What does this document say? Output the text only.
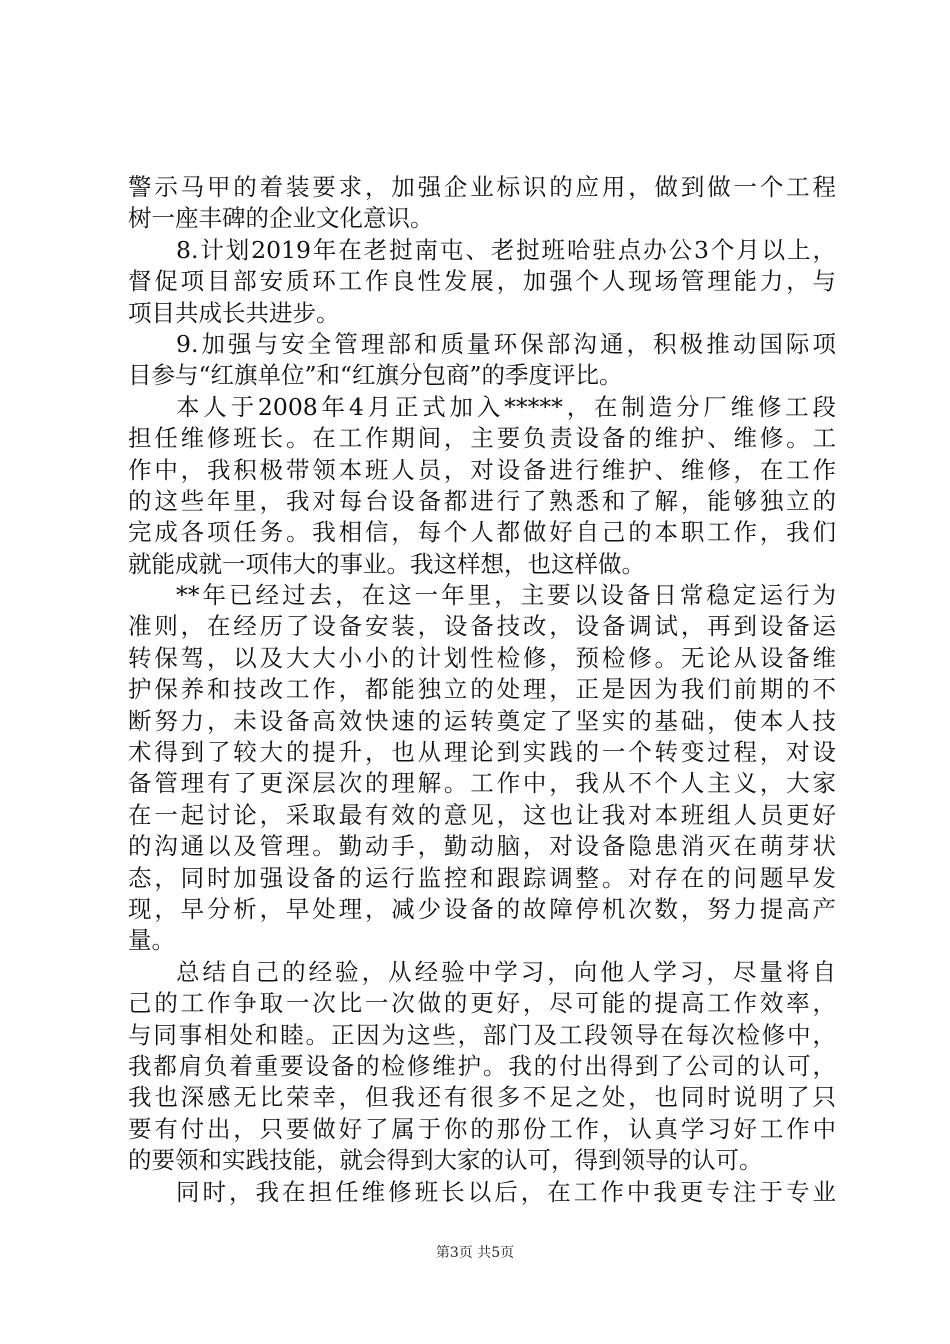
警示马甲的着装要求，加强企业标识的应用，做到做一个工程
树一座丰碑的企业文化意识。
8.计划2019年在老挝南屯、老挝班哈驻点办公3个月以上，
督促项目部安质环工作良性发展，加强个人现场管理能力，与
项目共成长共进步。
9.加强与安全管理部和质量环保部沟通，积极推动国际项
目参与“红旗单位”和“红旗分包商”的季度评比。
本人于2008年4月正式加入*****，在制造分厂维修工段
担任维修班长。在工作期间，主要负责设备的维护、维修。工
作中，我积极带领本班人员，对设备进行维护、维修，在工作
的这些年里，我对每台设备都进行了熟悉和了解，能够独立的
完成各项任务。我相信，每个人都做好自己的本职工作，我们
就能成就一项伟大的事业。我这样想，也这样做。
**年已经过去，在这一年里，主要以设备日常稳定运行为
准则，在经历了设备安装，设备技改，设备调试，再到设备运
转保驾，以及大大小小的计划性检修，预检修。无论从设备维
护保养和技改工作，都能独立的处理，正是因为我们前期的不
断努力，未设备高效快速的运转奠定了坚实的基础，使本人技
术得到了较大的提升，也从理论到实践的一个转变过程，对设
备管理有了更深层次的理解。工作中，我从不个人主义，大家
在一起讨论，采取最有效的意见，这也让我对本班组人员更好
的沟通以及管理。勤动手，勤动脑，对设备隐患消灭在萌芽状
态，同时加强设备的运行监控和跟踪调整。对存在的问题早发
现，早分析，早处理，减少设备的故障停机次数，努力提高产
量。
总结自己的经验，从经验中学习，向他人学习，尽量将自
己的工作争取一次比一次做的更好，尽可能的提高工作效率，
与同事相处和睦。正因为这些，部门及工段领导在每次检修中，
我都肩负着重要设备的检修维护。我的付出得到了公司的认可，
我也深感无比荣幸，但我还有很多不足之处，也同时说明了只
要有付出，只要做好了属于你的那份工作，认真学习好工作中
的要领和实践技能，就会得到大家的认可，得到领导的认可。
同时，我在担任维修班长以后，在工作中我更专注于专业
第3页 共5页
